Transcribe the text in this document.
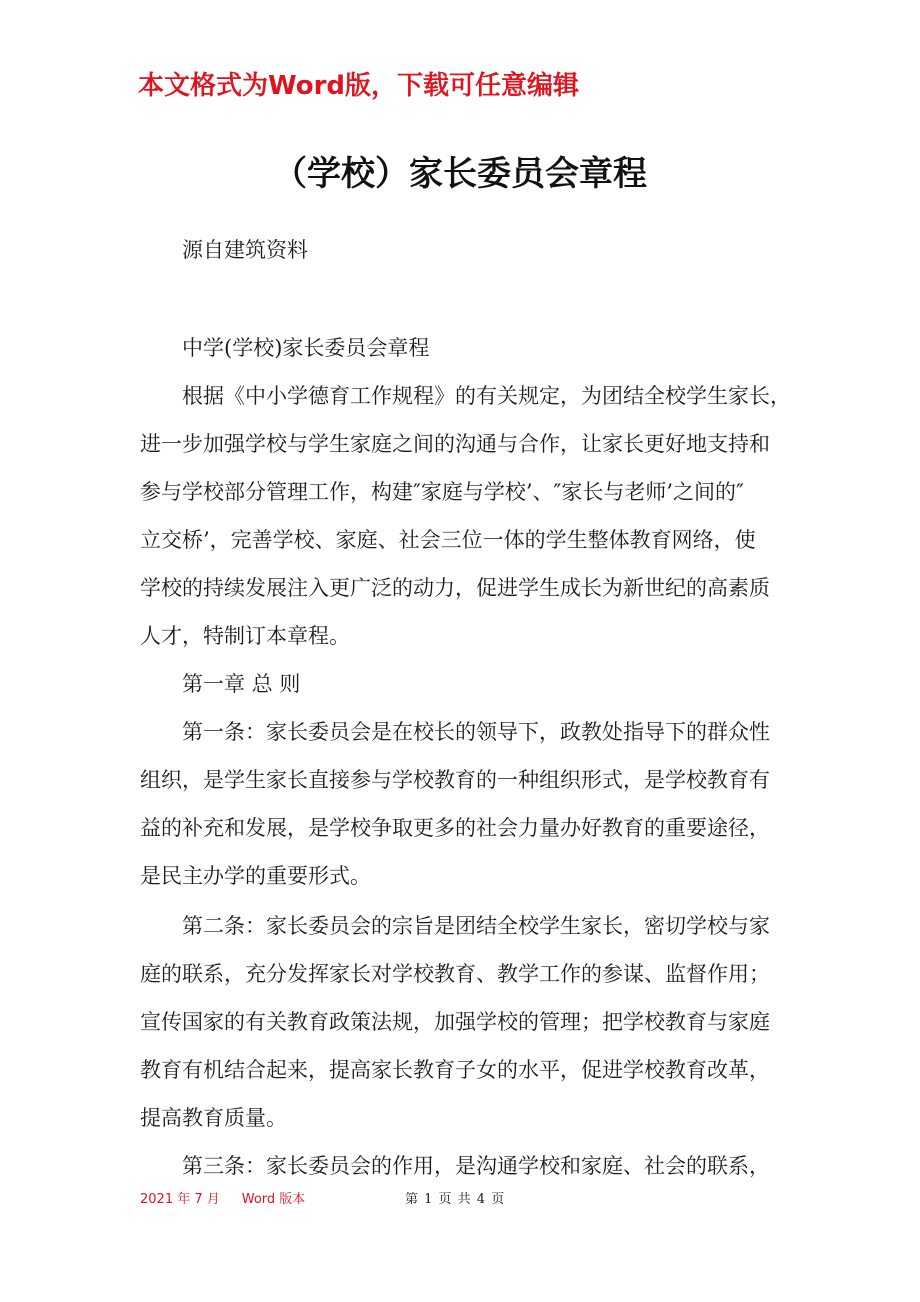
本文格式为Word版，下载可任意编辑
（学校）家长委员会章程
源自建筑资料
中学(学校)家长委员会章程
根据《中小学德育工作规程》的有关规定，为团结全校学生家长，
进一步加强学校与学生家庭之间的沟通与合作，让家长更好地支持和
参与学校部分管理工作，构建″家庭与学校’、″家长与老师’之间的″
立交桥’，完善学校、家庭、社会三位一体的学生整体教育网络，使
学校的持续发展注入更广泛的动力，促进学生成长为新世纪的高素质
人才，特制订本章程。
第一章 总 则
第一条：家长委员会是在校长的领导下，政教处指导下的群众性
组织，是学生家长直接参与学校教育的一种组织形式，是学校教育有
益的补充和发展，是学校争取更多的社会力量办好教育的重要途径，
是民主办学的重要形式。
第二条：家长委员会的宗旨是团结全校学生家长，密切学校与家
庭的联系，充分发挥家长对学校教育、教学工作的参谋、监督作用；
宣传国家的有关教育政策法规，加强学校的管理；把学校教育与家庭
教育有机结合起来，提高家长教育子女的水平，促进学校教育改革，
提高教育质量。
第三条：家长委员会的作用，是沟通学校和家庭、社会的联系，
2021 年 7 月 Word 版本	第 1 页 共 4 页
